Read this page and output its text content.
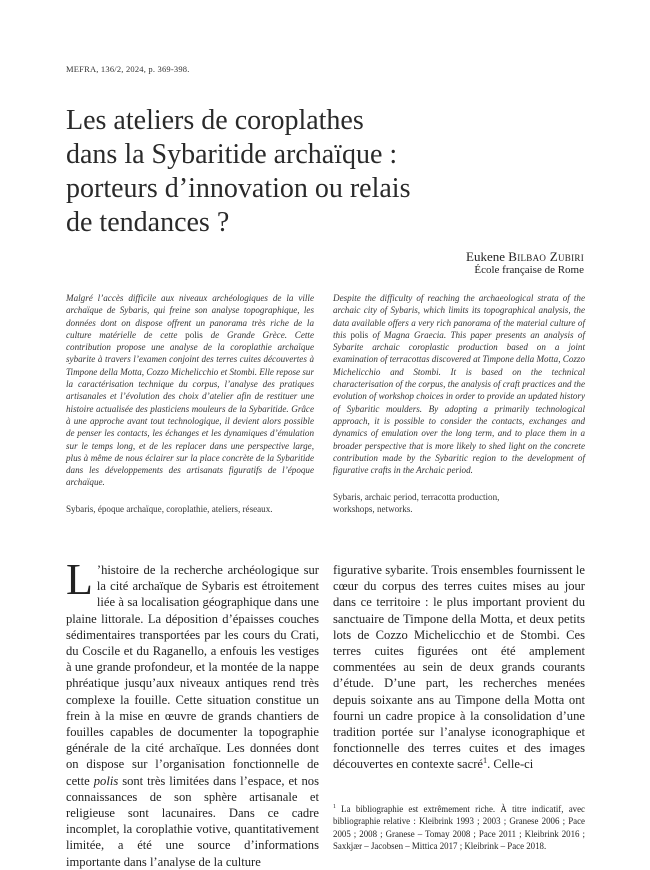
MEFRA, 136/2, 2024, p. 369-398.
Les ateliers de coroplathes
dans la Sybaritide archaïque :
porteurs d’innovation ou relais
de tendances ?
Eukene Bilbao Zubiri
École française de Rome
Malgré l’accès difficile aux niveaux archéologiques de la ville archaïque de Sybaris, qui freine son analyse topographique, les données dont on dispose offrent un panorama très riche de la culture matérielle de cette polis de Grande Grèce. Cette contribution propose une analyse de la coroplathie archaïque sybarite à travers l’examen conjoint des terres cuites découvertes à Timpone della Motta, Cozzo Michelicchio et Stombi. Elle repose sur la caractérisation technique du corpus, l’analyse des pratiques artisanales et l’évolution des choix d’atelier afin de restituer une histoire actualisée des plasticiens mouleurs de la Sybaritide. Grâce à une approche avant tout technologique, il devient alors possible de penser les contacts, les échanges et les dynamiques d’émulation sur le temps long, et de les replacer dans une perspective large, plus à même de nous éclairer sur la place concrète de la Sybaritide dans les développements des artisanats figuratifs de l’époque archaïque.
Sybaris, époque archaïque, coroplathie, ateliers, réseaux.
Despite the difficulty of reaching the archaeological strata of the archaic city of Sybaris, which limits its topographical analysis, the data available offers a very rich panorama of the material culture of this polis of Magna Graecia. This paper presents an analysis of Sybarite archaic coroplastic production based on a joint examination of terracottas discovered at Timpone della Motta, Cozzo Michelicchio and Stombi. It is based on the technical characterisation of the corpus, the analysis of craft practices and the evolution of workshop choices in order to provide an updated history of Sybaritic moulders. By adopting a primarily technological approach, it is possible to consider the contacts, exchanges and dynamics of emulation over the long term, and to place them in a broader perspective that is more likely to shed light on the concrete contribution made by the Sybaritic region to the development of figurative crafts in the Archaic period.
Sybaris, archaic period, terracotta production, workshops, networks.
L ’histoire de la recherche archéologique sur la cité archaïque de Sybaris est étroitement liée à sa localisation géographique dans une plaine littorale. La déposition d’épaisses couches sédimentaires transportées par les cours du Crati, du Coscile et du Raganello, a enfouis les vestiges à une grande profondeur, et la montée de la nappe phréatique jusqu’aux niveaux antiques rend très complexe la fouille. Cette situation constitue un frein à la mise en œuvre de grands chantiers de fouilles capables de documenter la topographie générale de la cité archaïque. Les données dont on dispose sur l’organisation fonctionnelle de cette polis sont très limitées dans l’espace, et nos connaissances de son sphère artisanale et religieuse sont lacunaires. Dans ce cadre incomplet, la coroplathie votive, quantitativement limitée, a été une source d’informations importante dans l’analyse de la culture
figurative sybarite. Trois ensembles fournissent le cœur du corpus des terres cuites mises au jour dans ce territoire : le plus important provient du sanctuaire de Timpone della Motta, et deux petits lots de Cozzo Michelicchio et de Stombi. Ces terres cuites figurées ont été amplement commentées au sein de deux grands courants d’étude. D’une part, les recherches menées depuis soixante ans au Timpone della Motta ont fourni un cadre propice à la consolidation d’une tradition portée sur l’analyse iconographique et fonctionnelle des terres cuites et des images découvertes en contexte sacré$^1$. Celle-ci
$^1$ La bibliographie est extrêmement riche. À titre indicatif, avec bibliographie relative : Kleibrink 1993 ; 2003 ; Granese 2006 ; Pace 2005 ; 2008 ; Granese – Tomay 2008 ; Pace 2011 ; Kleibrink 2016 ; Saxkjær – Jacobsen – Mittica 2017 ; Kleibrink – Pace 2018.
